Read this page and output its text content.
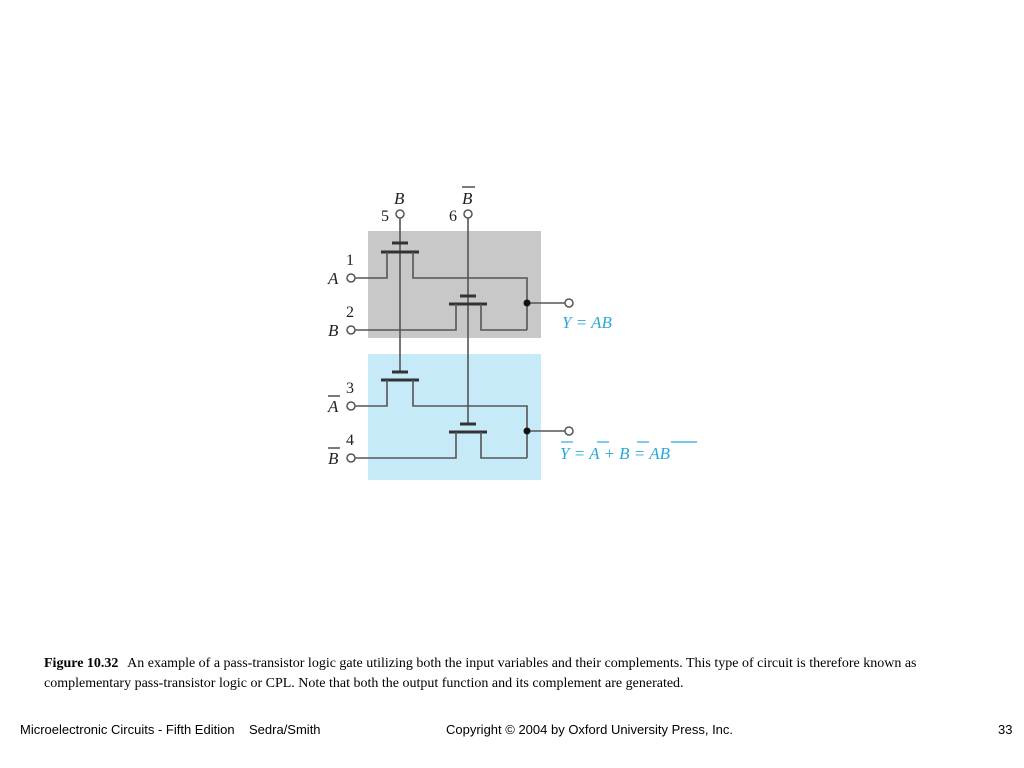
5
B
6
B
1
A
2
B
3
A
4
B
Y = AB
Y = A + B = AB
Figure 10.32 An example of a pass-transistor logic gate utilizing both the input variables and their complements. This type of circuit is therefore known as complementary pass-transistor logic or CPL. Note that both the output function and its complement are generated.
Microelectronic Circuits - Fifth Edition    Sedra/Smith	Copyright © 2004 by Oxford University Press, Inc.	33
